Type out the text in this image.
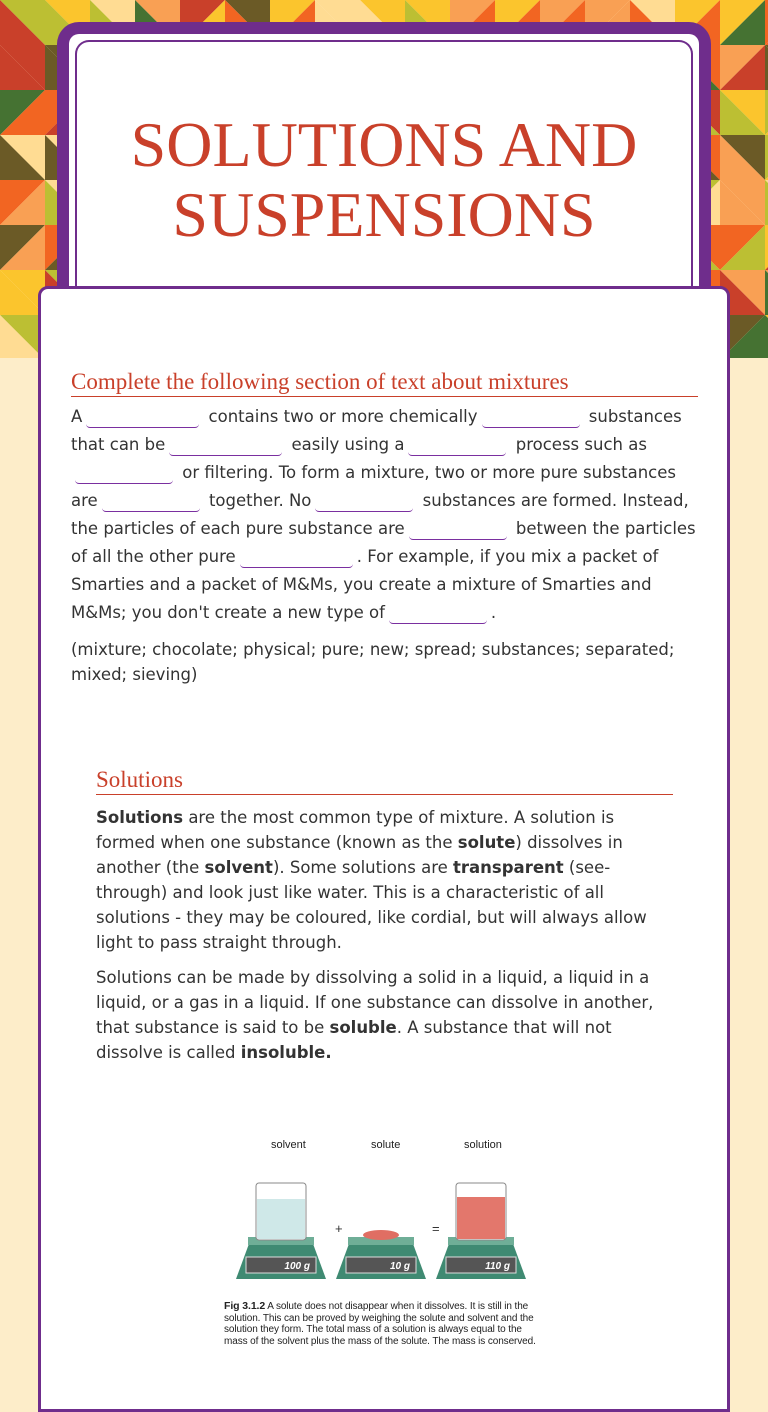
SOLUTIONS AND SUSPENSIONS
Complete the following section of text about mixtures
A	contains two or more chemically	substances that can be	easily using a	process such as or filtering. To form a mixture, two or more pure substances are	together. No	substances are formed. Instead, the particles of each pure substance are	between the particles of all the other pure	. For example, if you mix a packet of Smarties and a packet of M&Ms, you create a mixture of Smarties and M&Ms; you don't create a new type of	.
(mixture; chocolate; physical; pure; new; spread; substances; separated; mixed; sieving)
Solutions

Solutions are the most common type of mixture. A solution is formed when one substance (known as the solute) dissolves in another (the solvent). Some solutions are transparent (see-through) and look just like water. This is a characteristic of all solutions - they may be coloured, like cordial, but will always allow light to pass straight through.

Solutions can be made by dissolving a solid in a liquid, a liquid in a liquid, or a gas in a liquid. If one substance can dissolve in another, that substance is said to be soluble. A substance that will not dissolve is called insoluble.

solvent	solute	solution
100 g
+
10 g
=
110 g
Fig 3.1.2 A solute does not disappear when it dissolves. It is still in the solution. This can be proved by weighing the solute and solvent and the solution they form. The total mass of a solution is always equal to the mass of the solvent plus the mass of the solute. The mass is conserved.
